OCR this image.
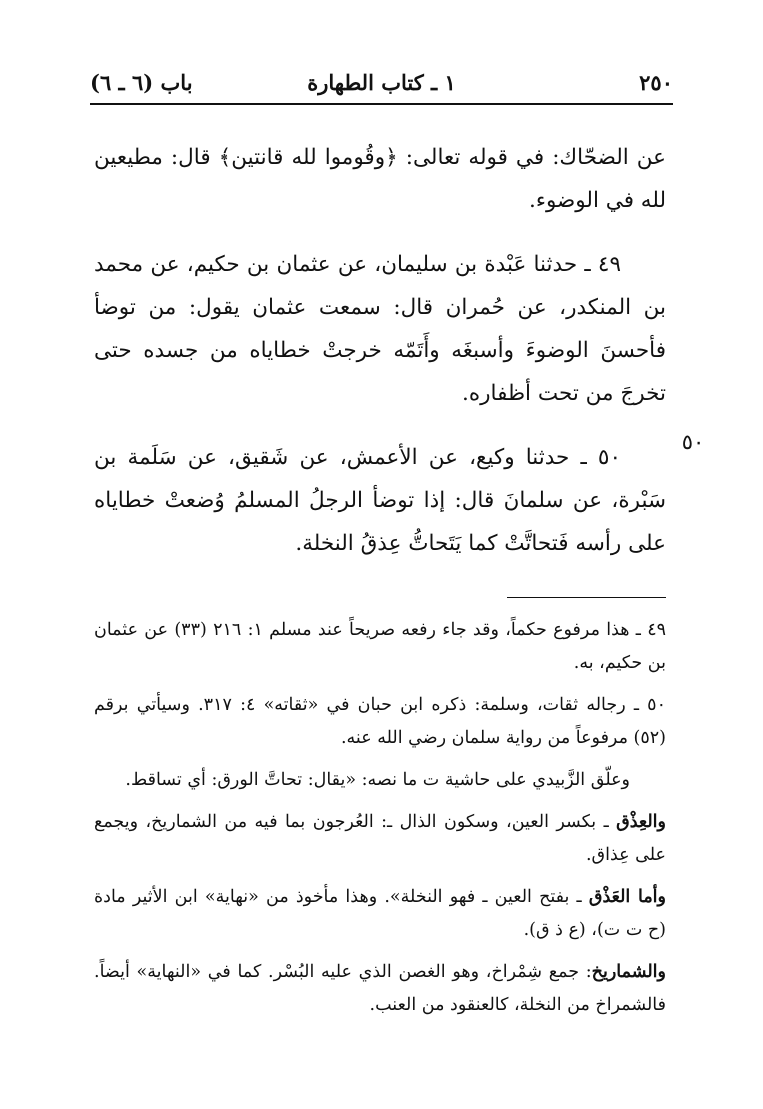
٢٥٠
١ ـ كتاب الطهارة
باب (٦ ـ ٦)

عن الضحّاك: في قوله تعالى: ﴿وقُوموا لله قانتين﴾ قال: مطيعين لله في الوضوء.

٤٩ ـ حدثنا عَبْدة بن سليمان، عن عثمان بن حكيم، عن محمد بن المنكدر، عن حُمران قال: سمعت عثمان يقول: من توضأ فأحسنَ الوضوءَ وأسبغَه وأَتَمّه خرجتْ خطاياه من جسده حتى تخرجَ من تحت أظفاره.

٥٠ ـ حدثنا وكيع، عن الأعمش، عن شَقيق، عن سَلَمة بن سَبْرة، عن سلمانَ قال: إذا توضأ الرجلُ المسلمُ وُضعتْ خطاياه على رأسه فَتحاتَّتْ كما يَتَحاتُّ عِذقُ النخلة.

٥٠

٤٩ ـ هذا مرفوع حكماً، وقد جاء رفعه صريحاً عند مسلم ١: ٢١٦ (٣٣) عن عثمان بن حكيم، به.

٥٠ ـ رجاله ثقات، وسلمة: ذكره ابن حبان في «ثقاته» ٤: ٣١٧. وسيأتي برقم (٥٢) مرفوعاً من رواية سلمان رضي الله عنه.

وعلّق الزَّبيدي على حاشية ت ما نصه: «يقال: تحاتَّ الورق: أي تساقط.

والعِذْق ـ بكسر العين، وسكون الذال ـ: العُرجون بما فيه من الشماريخ، ويجمع على عِذاق.

وأما العَذْق ـ بفتح العين ـ فهو النخلة». وهذا مأخوذ من «نهاية» ابن الأثير مادة (ح ت ت)، (ع ذ ق).

والشماريخ: جمع شِمْراخ، وهو الغصن الذي عليه البُسْر. كما في «النهاية» أيضاً. فالشمراخ من النخلة، كالعنقود من العنب.
